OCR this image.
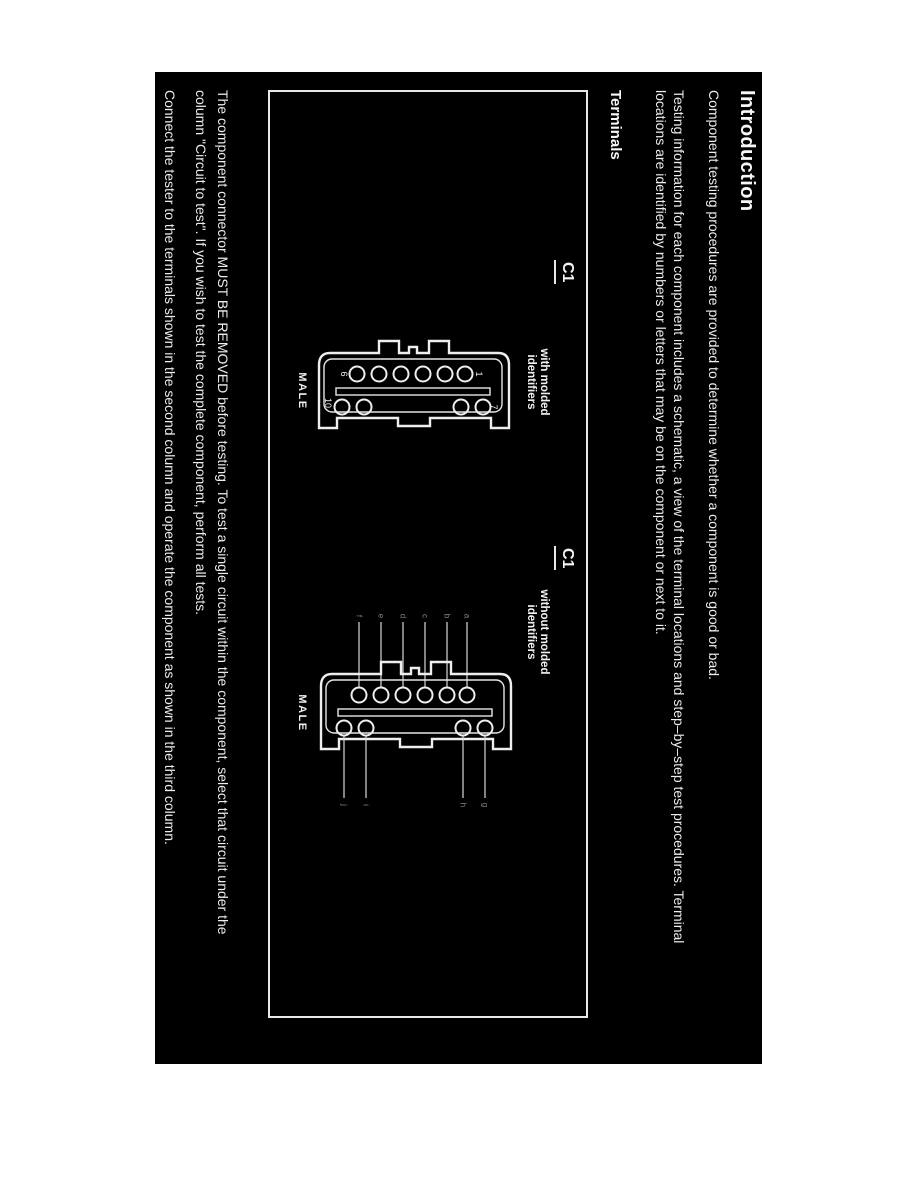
Introduction
Component testing procedures are provided to determine whether a component is good or bad.
Testing information for each component includes a schematic, a view of the terminal locations and step–by–step test procedures. Terminal
locations are identified by numbers or letters that may be on the component or next to it.
Terminals
C1
with molded
identifiers
6	1
10	7
MALE
C1
without molded
identifiers
f e d c b a
j i	h g
MALE
The component connector MUST BE REMOVED before testing. To test a single circuit within the component, select that circuit under the
column "Circuit to test". If you wish to test the complete component, perform all tests.
Connect the tester to the terminals shown in the second column and operate the component as shown in the third column.
